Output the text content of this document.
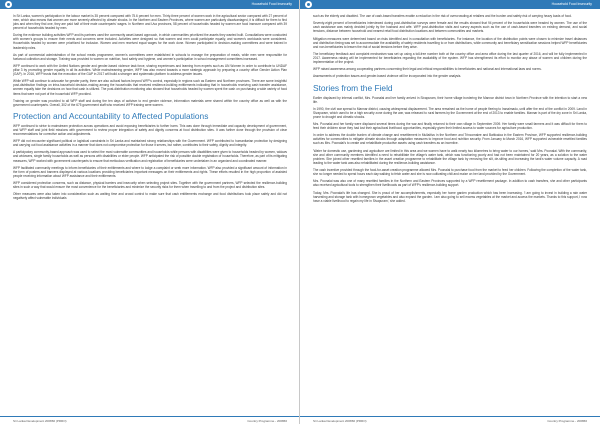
Household Food Insecurity

In Sri Lanka, women's participation in the labour market is 35 percent compared with 75.6 percent for men. Thirty-three percent of women work in the agricultural sector compared with 27 percent of men, which also means that women are more severely affected by climate shocks. In the Northern and Eastern Provinces, where women are particularly disadvantaged, it is difficult for them to find jobs and when they find one, they are paid half of their male counterparts' wages. In Northern and Uva provinces, 58 percent of households headed by women are food insecure compared with 39 percent of households headed by men.

During the evidence building activities WFP and its partners used the community asset-based approach, in which communities prioritized the assets they wanted built. Consultations were conducted with women's groups to ensure their needs and concerns were included. Activities were designed so that women and men could participate equally, and women's workloads were considered. Households headed by women were prioritized for inclusion. Women and men received equal wages for the work done. Women participated in decision-making committees and were trained in leadership roles.

As part of commercial administration of the school meals programme, women's committees were established in schools to manage the preparation of meals, while men were responsible for fuelwood collection and storage. Training was provided to women on nutrition, food safety and hygiene, and women's participation in school management committees increased.

WFP continued to work with the United Nations gender and gender-based violence task force, sharing experiences and learning from experts such as UN Women in order to contribute to UNDAF pillar 3 by promoting gender equality in all its activities. While mainstreaming gender, WFP has also moved towards a more strategic approach by preparing a country office Gender Action Plan (GAP). In 2016, WFP trusts that the execution of the GAP in 2017 will build a stronger and systematic platform to address gender issues.

While WFP will continue to advocate for greater parity, there are also cultural factors beyond WFP's control, especially in regions such as Eastern and Northern provinces. There are some insightful post-distribution findings on intra-household decision-making among the households that received resilience-building entitlements indicating that in households receiving cash transfer assistance, women equally take the decisions on how that cash is utilized. The post-distribution monitoring also showed that households headed by women spent the cash on purchasing a wide variety of food items that were not part of the household WFP provided.

Training on gender was provided to all WFP staff and during the ten days of activism to end gender violence, information materials were shared within the country office as well as with the government counterparts. Overall, 302 of the 675 government staff who received WFP training were women.

Protection and Accountability to Affected Populations

WFP continued to strive to mainstream protection across operations and avoid exposing beneficiaries to further harm. This was done through immediate and capacity development of government, and WFP staff and joint field missions with government to review proper integration of safety and dignity concerns at food distribution sites. It was further done through the provision of clear recommendations for corrective action and adjustments.

WFP did not encounter significant political or logistical constraints in Sri Lanka and maintained strong relationships with the Government. WFP contributed to humanitarian protection by designing and carrying out food assistance activities in a manner that does not compromise protection for those it serves, but rather, contributes to their safety, dignity and integrity.

A participatory community-based approach was used to select the most vulnerable communities and households while persons with disabilities were given to households headed by women, widows and widowers, single family households as well as persons with disabilities or elder people. WFP anticipated the risk of possible double registration of households. Therefore, as part of its mitigating measures, WFP worked with government counterparts to ensure that meticulous verification and registration of beneficiaries were undertaken in an organized and coordinated manner.

WFP facilitated community meetings to inform beneficiaries of their entitlements and where to lodge a complaint or seek more information. WFP also provided a significant amount of information in the form of posters and banners displayed at various locations providing beneficiaries important messages on their entitlements and rights. These efforts resulted in the high proportion of assisted people receiving information about WFP assistance and their entitlements.

WFP considered protection concerns, such as distance, physical barriers and insecurity when selecting project sites. Together with the government partners, WFP selected the resilience-building sites in such a way that would ensure the most convenience for the beneficiaries and minimize the security risks for them when travelling to and from the project and distribution sites.

Other measures were also taken into consideration such as waiting time and crowd control to make sure that cash entitlements exchange and food distributions took place safely and did not negatively affect vulnerable individuals

Sri Lanka Development 200866 (PRRO)	Country Programme - 200866
Household Food Insecurity

such as the elderly and disabled. The use of cash-based transfers enable a reduction in the risk of overcrowding at retailers and the burden and safety risk of carrying heavy loads of food.

Seventy-eight percent of beneficiaries interviewed during post-distribution surveys were female and the results showed that 94 percent of the households were headed by women. The use of the cash assistance was mainly decided jointly by the husband and wife. WFP post-distribution visits and survey aspects such as the use of cash-based transfers on existing demand, and social tensions, distance between household and nearest retail food distribution locations and between communities and markets.

Mitigation measures were determined based on risks identified and in consultation with beneficiaries. For instance, the location of the distribution points were chosen to minimize travel distances and distribution timing was set to accommodate the availability of safety residents travelling to or from distributions, while community and beneficiary sensitization sessions helped WFP beneficiaries and non-beneficiaries to lessen the risk of social tensions before they arise.

The beneficiary feedback and complaint mechanism was set up using a toll-free number both at the country office and area office during the last quarter of 2016, and will be fully implemented in 2017. Awareness raising will be implemented for beneficiaries regarding the availability of the system. WFP has strengthened its effort to monitor any abuse of women and children during the implementation of the project.

WFP raised awareness among cooperating partners concerning their legal and ethical responsibilities to beneficiaries and national and international laws and norms.

Assessments of protection issues and gender-based violence will be incorporated into the gender analysis.

Stories from the Field

Earlier displaced by internal conflict, Mrs. Poonalai and her family arrived in Sivapuram, their home village bordering the Mannar district town in Northern Province with the intention to start a new life.

In 1990, the civil war spread to Mannar district, causing widespread displacement. The area remained as the home of people fleeing to Iranaimadu, until after the end of the conflict in 2009. Land in Sivapuram, which used to be a high security zone during the war, was released to rural farmers by the Government at the end of 2013 to enable families. Mannar is part of the dry zone in Sri Lanka, prone to drought and climatic shocks.

Mrs. Poonalai and her family were displaced several times during the war and finally returned to their own village in September 2009. Her family were small farmers and it was difficult for them to feed their children since they had lost their agricultural livelihood opportunities, especially given their limited access to water sources for agriculture production.

In order to address the double burden of climate change and resettlement in Mullaitivu in the Northern and Trincomalee and Batticaloa in the Eastern Province, WFP supported resilience-building activities for communities to mitigate climate shocks through adaptation measures to improve food and nutrition security. From January to March 2016, WFP supported vulnerable resettled families such as Mrs. Poonalai's to create and rehabilitate productive assets using cash transfers as an incentive.

'Water for domestic use, gardening and agriculture are limited in this area and we women have to walk nearly two kilometres to bring water to our homes,' said Mrs. Poonalai. With the community, she and other community members identified a need to rehabilitate the village's water tank, which was functioning poorly and had not been maintained for 20 years, as a solution to the water problem. She joined other resettled families in the asset creation programme to rehabilitate the village tank by removing the silt, de-silting and increasing the tank's water volume capacity. A road leading to the water tank was also rehabilitated during the resilience-building assistance.

The cash incentive provided through the food-for-asset creation programme allowed Mrs. Poonalai to purchase food from the market to feed her children. Following the completion of the water tank, she no longer needed to spend hours each day walking to fetch water and she is now cultivating chili and maize on her land provided by the Government.

Mrs. Poonalai was also one of many resettled families in the Northern and Eastern Provinces supported by a WFP resettlement package. In addition to cash transfers, she and other participants also received agricultural tools to strengthen their livelihoods as part of WFP's resilience-building support.

Today, Mrs. Poonalai's life has changed. She is proud of her accomplishments, especially her home garden production which has been increasing. 'I am going to invest in building a rain water harvesting and storage tank with homegrown vegetables and also expand the garden. I am also going to sell excess vegetables at the market and access the markets. Thanks to this support, I now have a viable livelihood to regain my life in Sivapuram,' she added.

Sri Lanka Development 200866 (PRRO)	Country Programme - 200866
